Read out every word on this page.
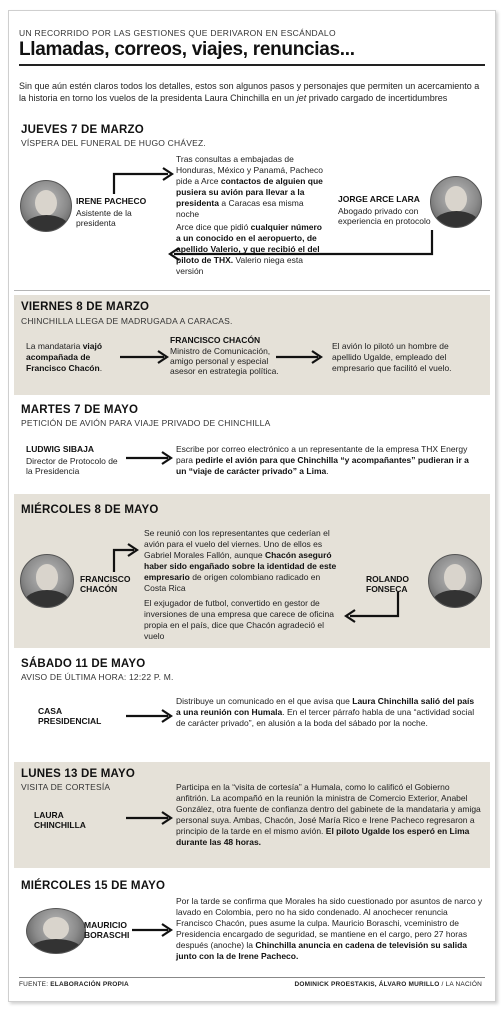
UN RECORRIDO POR LAS GESTIONES QUE DERIVARON EN ESCÁNDALO
Llamadas, correos, viajes, renuncias...
Sin que aún estén claros todos los detalles, estos son algunos pasos y personajes que permiten un acercamiento a la historia en torno los vuelos de la presidenta Laura Chinchilla en un jet privado cargado de incertidumbres
JUEVES 7 DE MARZO
VÍSPERA DEL FUNERAL DE HUGO CHÁVEZ.
IRENE PACHECO
Asistente de la presidenta
Tras consultas a embajadas de Honduras, México y Panamá, Pacheco pide a Arce contactos de alguien que pusiera su avión para llevar a la presidenta a Caracas esa misma noche
Arce dice que pidió cualquier número a un conocido en el aeropuerto, de apellido Valerio, y que recibió el del piloto de THX. Valerio niega esta versión
JORGE ARCE LARA
Abogado privado con experiencia en protocolo
VIERNES 8 DE MARZO
CHINCHILLA LLEGA DE MADRUGADA A CARACAS.
La mandataria viajó acompañada de Francisco Chacón.
FRANCISCO CHACÓN
Ministro de Comunicación, amigo personal y especial asesor en estrategia política.
El avión lo pilotó un hombre de apellido Ugalde, empleado del empresario que facilitó el vuelo.
MARTES 7 DE MAYO
PETICIÓN DE AVIÓN PARA VIAJE PRIVADO DE CHINCHILLA
LUDWIG SIBAJA
Director de Protocolo de la Presidencia
Escribe por correo electrónico a un representante de la empresa THX Energy para pedirle el avión para que Chinchilla “y acompañantes” pudieran ir a un “viaje de carácter privado” a Lima.
MIÉRCOLES 8 DE MAYO
FRANCISCO CHACÓN
Se reunió con los representantes que cederían el avión para el vuelo del viernes. Uno de ellos es Gabriel Morales Fallón, aunque Chacón aseguró haber sido engañado sobre la identidad de este empresario de origen colombiano radicado en Costa Rica
El exjugador de futbol, convertido en gestor de inversiones de una empresa que carece de oficina propia en el país, dice que Chacón agradeció el vuelo
ROLANDO FONSECA
SÁBADO 11 DE MAYO
AVISO DE ÚLTIMA HORA: 12:22 P. M.
CASA PRESIDENCIAL
Distribuye un comunicado en el que avisa que Laura Chinchilla salió del país a una reunión con Humala. En el tercer párrafo habla de una “actividad social de carácter privado”, en alusión a la boda del sábado por la noche.
LUNES 13 DE MAYO
VISITA DE CORTESÍA
LAURA CHINCHILLA
Participa en la “visita de cortesía” a Humala, como lo calificó el Gobierno anfitrión. La acompañó en la reunión la ministra de Comercio Exterior, Anabel González, otra fuente de confianza dentro del gabinete de la mandataria y amiga personal suya. Ambas, Chacón, José María Rico e Irene Pacheco regresaron a principio de la tarde en el mismo avión. El piloto Ugalde los esperó en Lima durante las 48 horas.
MIÉRCOLES 15 DE MAYO
MAURICIO BORASCHI
Por la tarde se confirma que Morales ha sido cuestionado por asuntos de narco y lavado en Colombia, pero no ha sido condenado. Al anochecer renuncia Francisco Chacón, pues asume la culpa. Mauricio Boraschi, vceministro de Presidencia encargado de seguridad, se mantiene en el cargo, pero 27 horas después (anoche) la Chinchilla anuncia en cadena de televisión su salida junto con la de Irene Pacheco.
FUENTE: ELABORACIÓN PROPIA	DOMINICK PROESTAKIS, ÁLVARO MURILLO / LA NACIÓN
